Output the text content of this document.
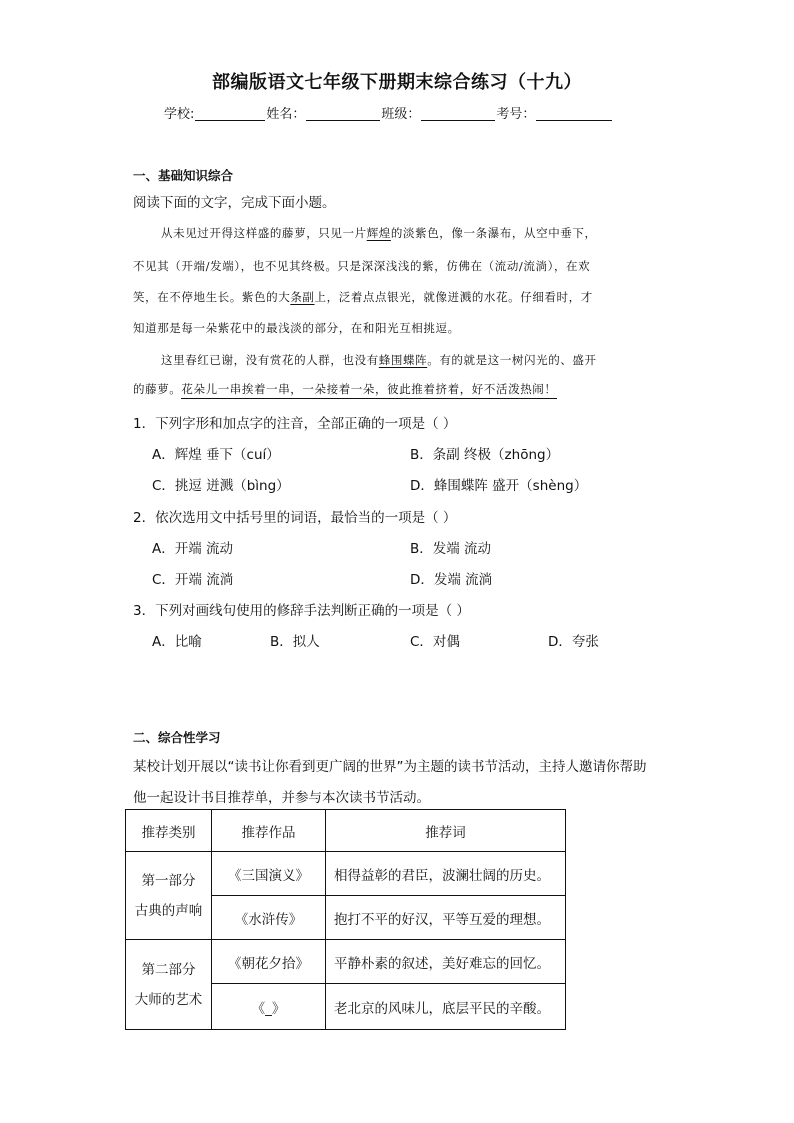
部编版语文七年级下册期末综合练习（十九）
学校:	姓名：	班级：	考号：
一、基础知识综合
阅读下面的文字，完成下面小题。
从未见过开得这样盛的藤萝，只见一片辉煌的淡紫色，像一条瀑布，从空中垂下，
不见其（开端/发端），也不见其终极。只是深深浅浅的紫，仿佛在（流动/流淌），在欢
笑，在不停地生长。紫色的大条副上，泛着点点银光，就像迸溅的水花。仔细看时，才
知道那是每一朵紫花中的最浅淡的部分，在和阳光互相挑逗。
这里春红已谢，没有赏花的人群，也没有蜂围蝶阵。有的就是这一树闪光的、盛开
的藤萝。花朵儿一串挨着一串，一朵接着一朵，彼此推着挤着，好不活泼热闹！
1．下列字形和加点字的注音，全部正确的一项是（ ）
A．辉煌 垂下（cuí）	B．条副 终极（zhōng）
C．挑逗 迸溅（bìng）	D．蜂围蝶阵 盛开（shèng）
2．依次选用文中括号里的词语，最恰当的一项是（ ）
A．开端 流动	B．发端 流动
C．开端 流淌	D．发端 流淌
3．下列对画线句使用的修辞手法判断正确的一项是（ ）
A．比喻	B．拟人	C．对偶	D．夸张
二、综合性学习
某校计划开展以“读书让你看到更广阔的世界”为主题的读书节活动，主持人邀请你帮助
他一起设计书目推荐单，并参与本次读书节活动。
推荐类别	推荐作品	推荐词

第一部分
古典的声响	《三国演义》	相得益彰的君臣，波澜壮阔的历史。
	《水浒传》	抱打不平的好汉，平等互爱的理想。

第二部分
大师的艺术	《朝花夕拾》	平静朴素的叙述，美好难忘的回忆。
	《_》	老北京的风味儿，底层平民的辛酸。
